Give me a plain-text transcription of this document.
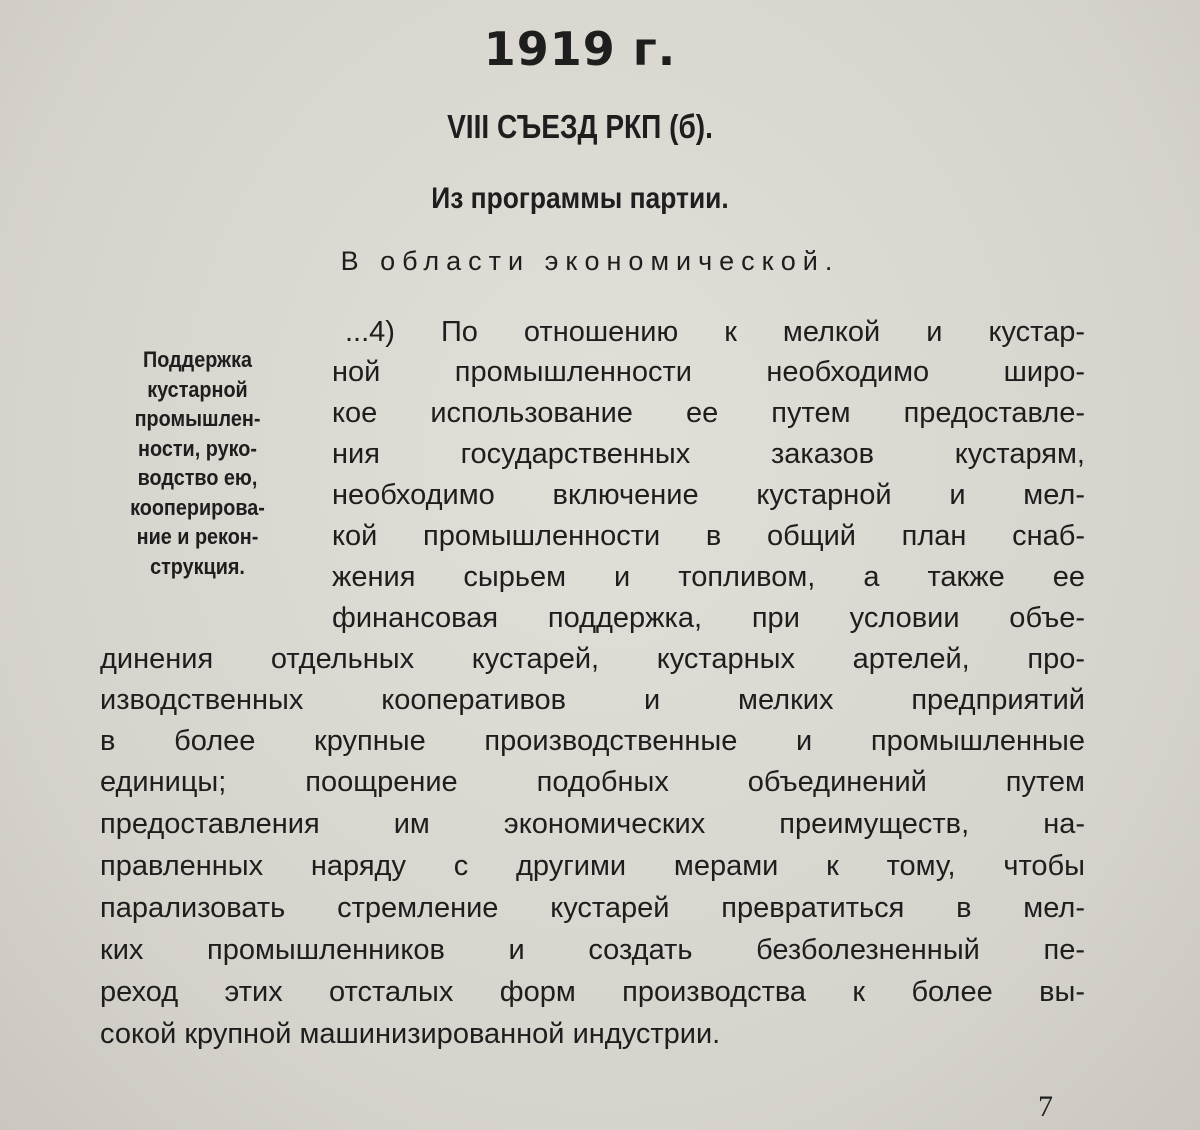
1919 г.
VIII СЪЕЗД РКП (б).
Из программы партии.
В области экономической.
Поддержка
кустарной
промышлен-
ности, руко-
водство ею,
кооперирова-
ние и рекон-
струкция.
...4) По отношению к мелкой и кустар-
ной промышленности необходимо широ-
кое использование ее путем предоставле-
ния государственных заказов кустарям,
необходимо включение кустарной и мел-
кой промышленности в общий план снаб-
жения сырьем и топливом, а также ее
финансовая поддержка, при условии объе-
динения отдельных кустарей, кустарных артелей, про-
изводственных кооперативов и мелких предприятий
в более крупные производственные и промышленные
единицы; поощрение подобных объединений путем
предоставления им экономических преимуществ, на-
правленных наряду с другими мерами к тому, чтобы
парализовать стремление кустарей превратиться в мел-
ких промышленников и создать безболезненный пе-
реход этих отсталых форм производства к более вы-
сокой крупной машинизированной индустрии.
7
